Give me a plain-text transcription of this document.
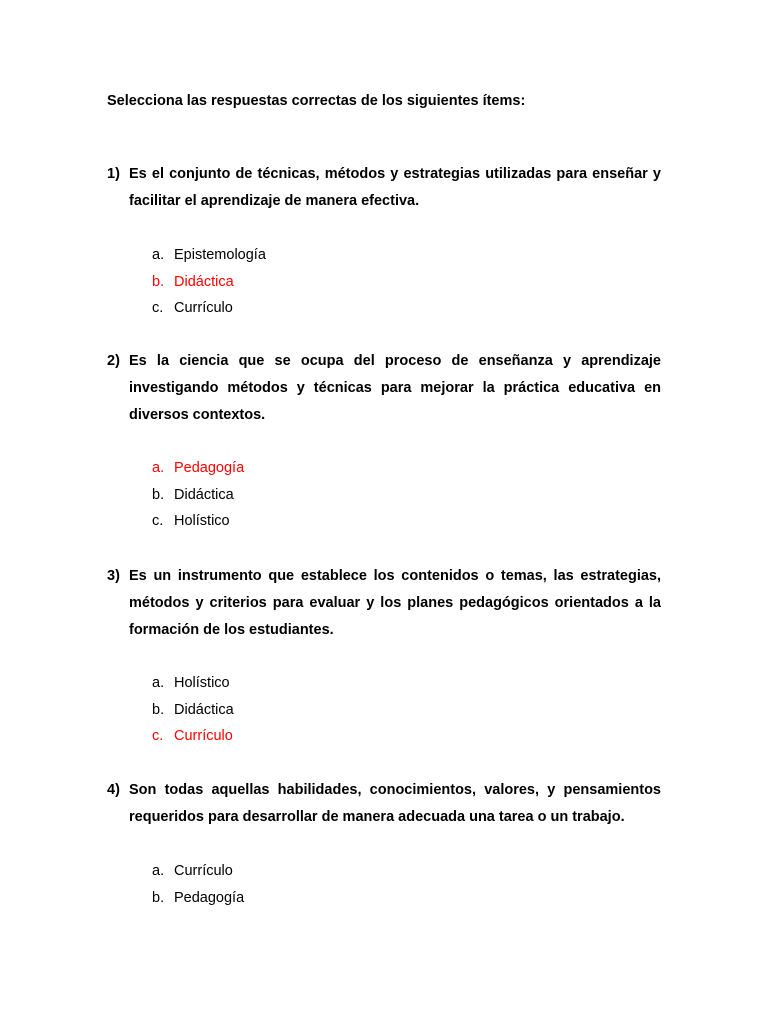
Selecciona las respuestas correctas de los siguientes ítems:
1) Es el conjunto de técnicas, métodos y estrategias utilizadas para enseñar y facilitar el aprendizaje de manera efectiva.
a. Epistemología
b. Didáctica
c. Currículo
2) Es la ciencia que se ocupa del proceso de enseñanza y aprendizaje investigando métodos y técnicas para mejorar la práctica educativa en diversos contextos.
a. Pedagogía
b. Didáctica
c. Holístico
3) Es un instrumento que establece los contenidos o temas, las estrategias, métodos y criterios para evaluar y los planes pedagógicos orientados a la formación de los estudiantes.
a. Holístico
b. Didáctica
c. Currículo
4) Son todas aquellas habilidades, conocimientos, valores, y pensamientos requeridos para desarrollar de manera adecuada una tarea o un trabajo.
a. Currículo
b. Pedagogía
